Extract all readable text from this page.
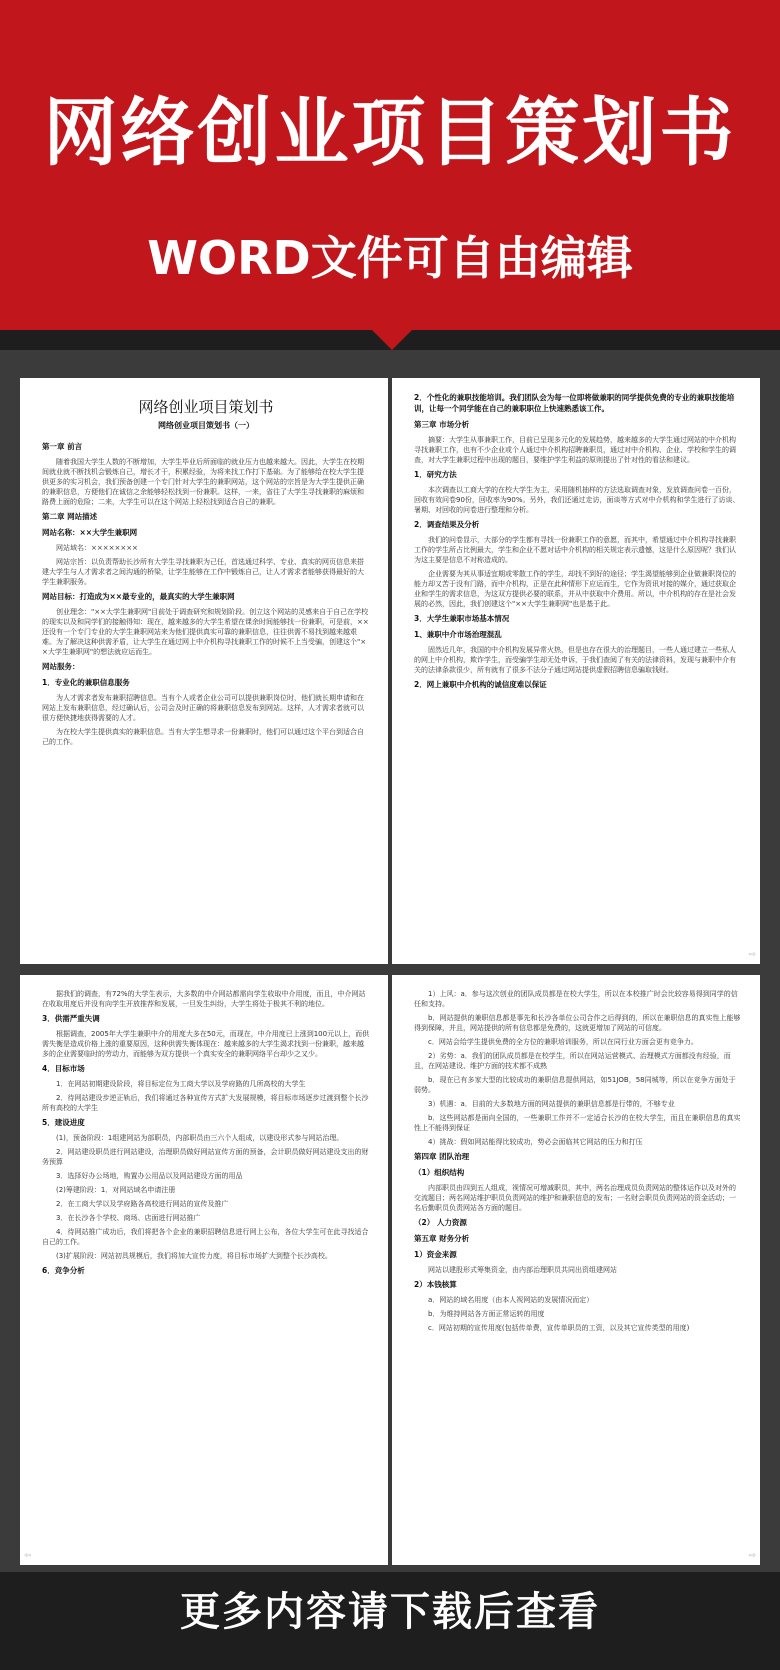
网络创业项目策划书
WORD文件可自由编辑
网络创业项目策划书
网络创业项目策划书（一）
第一章 前言
随着我国大学生人数的不断增加，大学生毕业后所面临的就业压力也越来越大。因此，大学生在校期间就业就不断找机会锻炼自己，增长才干，积累经验，为将来找工作打下基础。为了能够给在校大学生提供更多的实习机会，我们预备创建一个专门针对大学生的兼职网站，这个网站的宗旨是为大学生提供正确的兼职信息，方便他们在诚信之余能够轻松找到一份兼职。这样，一来，省往了大学生寻找兼职的麻烦和路费上面的危险；二来，大学生可以在这个网站上轻松找到适合自己的兼职。
第二章 网站描述
网站名称：××大学生兼职网
网站域名：××××××××
网站宗旨：以负责帮助长沙所有大学生寻找兼职为己任，首选通过科学、专业、真实的网页信息来搭建大学生与人才需求者之间沟通的桥梁，让学生能够在工作中锻炼自己，让人才需求者能够获得最好的大学生兼职服务。
网站目标：打造成为××最专业的，最真实的大学生兼职网
创业理念："××大学生兼职网"目前处于调查研究和规划阶段。创立这个网站的灵感来自于自己在学校的现实以及和同学们的接触得知：现在，越来越多的大学生希望在课余时间能够找一份兼职，可是前，××还没有一个专门专业的大学生兼职网站来为他们提供真实可靠的兼职信息，往往供需不易找到越来越艰难。为了解决这种供需矛盾，让大学生在通过网上中介机构寻找兼职工作的时候不上当受骗，创建这个"××大学生兼职网"的想法就应运而生。
网站服务：
1．专业化的兼职信息服务
为人才需求者发布兼职招聘信息。当有个人或者企业公司可以提供兼职岗位时，他们就长期申请和在网站上发布兼职信息，经过确认后，公司会及时正确的将兼职信息发布到网站。这样，人才需求者就可以很方便快捷地获得需要的人才。
为在校大学生提供真实的兼职信息。当有大学生想寻求一份兼职时，他们可以通过这个平台到适合自己的工作。
2．个性化的兼职技能培训。我们团队会为每一位即将做兼职的同学提供免费的专业的兼职技能培训，让每一个同学能在自己的兼职职位上快速熟悉该工作。
第三章 市场分析
摘要：大学生从事兼职工作，目前已呈现多元化的发展趋势，越来越多的大学生通过网站的中介机构寻找兼职工作，也有不少企业或个人通过中介机构招聘兼职员，通过对中介机构、企业、学校和学生的调查，对大学生兼职过程中出现的题目，要维护学生利益的原则提出了针对性的看法和建议。
1．研究方法
本次调查以工商大学的在校大学生为主，采用随机抽样的方法选取调查对象，发放调查问卷一百份，回收有效问卷90份，回收率为90%。另外，我们还通过走访，面谈等方式对中介机构和学生进行了访谈、暑期、对回收的问卷进行整理和分析。
2．调查结果及分析
我们的问卷显示，大部分的学生都有寻找一份兼职工作的意愿，而其中，希望通过中介机构寻找兼职工作的学生所占比例最大，学生和企业不愿对话中介机构的相关规定表示遗憾，这是什么原因呢？我们认为这主要是信息不对称造成的。
企业需要为其从事适宜期或零散工作的学生，却找不到好的途径；学生渴望能够到企业做兼职岗位的能力却又苦于没有门路，而中介机构，正是在此种情形下应运而生，它作为资讯对接的媒介，通过获取企业和学生的需求信息，为这双方提供必要的联系，并从中获取中介费用。所以，中介机构的存在是社会发展的必然，因此，我们创建这个"××大学生兼职网"也是基于此。
3．大学生兼职市场基本情况
1、兼职中介市场治理混乱
固然近几年，我国的中介机构发展异常火热，但是也存在很大的治理题目，一些人通过建立一些私人的网上中介机构，欺诈学生，而受骗学生却无处申诉，于我们查阅了有关的法律资料，发现与兼职中介有关的法律条款很少，所有就有了很多不法分子通过网站提供虚假招聘信息骗取钱财。
2．网上兼职中介机构的诚信度难以保证
⇨
据我们的调查，有72%的大学生表示，大多数的中介网站都需向学生收取中介用度，而且，中介网站在收取用度后并没有向学生开放推荐和发展，一旦发生纠纷，大学生将处于极其不利的地位。
3．供需严重失调
根据调查，2005年大学生兼职中介的用度大多在50元，而现在，中介用度已上涨到100元以上，而供需失衡是造成价格上涨的重要原因，这种供需失衡体现在：越来越多的大学生渴求找到一份兼职，越来越多的企业需要临时的劳动力，而能够为双方提供一个真实安全的兼职网络平台却少之又少。
4．目标市场
1．在网站初期建设阶段，将目标定位为工商大学以及学府路的几所高校的大学生
2．待网站建设步逆正轨后，我们将通过各种宣传方式扩大发展规模，将目标市场逐步过渡到整个长沙所有高校的大学生
5．建设进度
(1)，预备阶段：1组建网站为部职员，内部职员由三六个人组成，以建设形式参与网站治理。
2．网站建设职员进行网站建设，治理职员做好网站宣传方面的预备，会计职员做好网站建设支出的财务预算
3．选择好办公场地，购置办公用品以及网站建设方面的用品
(2)筹建阶段：1．对网站域名申请注册
2．在工商大学以及学府路各高校进行网站的宣传及推广
3．在长沙各个学校、商场、店面进行网站推广
4．待网站推广成功后，我们将把各个企业的兼职招聘信息进行网上公布，各位大学生可在此寻找适合自己的工作。
(3)扩展阶段：网站初具规模后，我们将加大宣传力度，将目标市场扩大到整个长沙高校。
6．竞争分析
⇦
1）上风：a．参与这次创业的团队成员都是在校大学生，所以在本校推广时会比较容易得到同学的信任和支持。
b．网站提供的兼职信息都是事先和长沙各单位公司合作之后得到的，所以在兼职信息的真实性上能够得到保障，并且，网站提供的所有信息都是免费的，这就更增加了网站的可信度。
c．网站会给学生提供免费的全方位的兼职培训服务，所以在同行业方面会更有竞争力。
2）劣势：a．我们的团队成员都是在校学生，所以在网站运营模式、治理模式方面都没有经验，而且，在网站建设、维护方面的技术都不成熟
b．现在已有多家大型的比较成功的兼职信息提供网站，如51JOB，58同城等，所以在竞争方面处于弱势。
3）机遇：a．目前的大多数地方面的网站提供的兼职信息都是行带的，不够专业
b．这些网站都是面向全国的，一些兼职工作并不一定适合长沙的在校大学生，而且在兼职信息的真实性上不能得到保证
4）挑战：假如网站能得比较成功，势必会面临其它网站的压力和打压
第四章 团队治理
（1）组织结构
内部职员由四到五人组成，视情况可增减职员，其中，两名治理成员负责网站的整体运作以及对外的交流题目；两名网站维护职员负责网站的维护和兼职信息的发布；一名财会职员负责网站的资金活动；一名后勤职员负责网站各方面的题目。
（2） 人力资源
第五章 财务分析
1）资金来源
网站以建股形式筹集资金，由内部治理职员共同出资组建网站
2）本钱核算
a．网站的域名用度（由本人视网站的发展情况而定）
b．为维持网站各方面正常运转的用度
c．网站初期的宣传用度(包括传单费，宣传单职员的工资，以及其它宣传类型的用度)
⇨
更多内容请下载后查看
